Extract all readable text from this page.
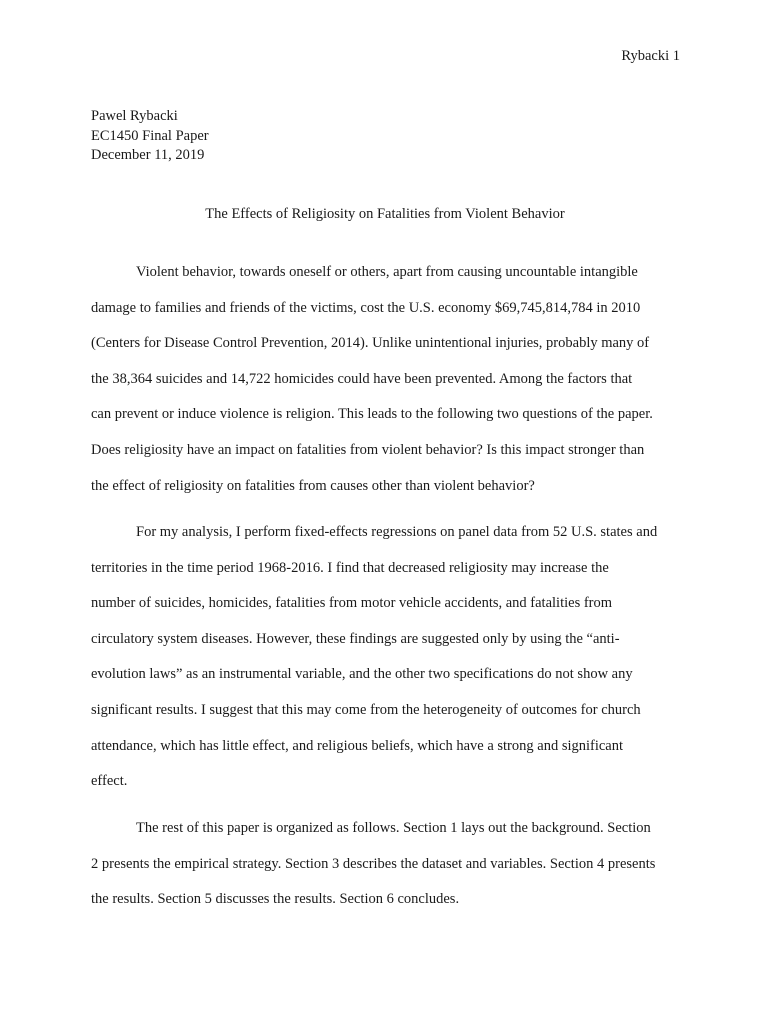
Rybacki 1
Pawel Rybacki
EC1450 Final Paper
December 11, 2019
The Effects of Religiosity on Fatalities from Violent Behavior

Violent behavior, towards oneself or others, apart from causing uncountable intangible
damage to families and friends of the victims, cost the U.S. economy $69,745,814,784 in 2010
(Centers for Disease Control Prevention, 2014). Unlike unintentional injuries, probably many of
the 38,364 suicides and 14,722 homicides could have been prevented. Among the factors that
can prevent or induce violence is religion. This leads to the following two questions of the paper.
Does religiosity have an impact on fatalities from violent behavior? Is this impact stronger than
the effect of religiosity on fatalities from causes other than violent behavior?

For my analysis, I perform fixed-effects regressions on panel data from 52 U.S. states and
territories in the time period 1968-2016. I find that decreased religiosity may increase the
number of suicides, homicides, fatalities from motor vehicle accidents, and fatalities from
circulatory system diseases. However, these findings are suggested only by using the “anti-
evolution laws” as an instrumental variable, and the other two specifications do not show any
significant results. I suggest that this may come from the heterogeneity of outcomes for church
attendance, which has little effect, and religious beliefs, which have a strong and significant
effect.

The rest of this paper is organized as follows. Section 1 lays out the background. Section
2 presents the empirical strategy. Section 3 describes the dataset and variables. Section 4 presents
the results. Section 5 discusses the results. Section 6 concludes.
